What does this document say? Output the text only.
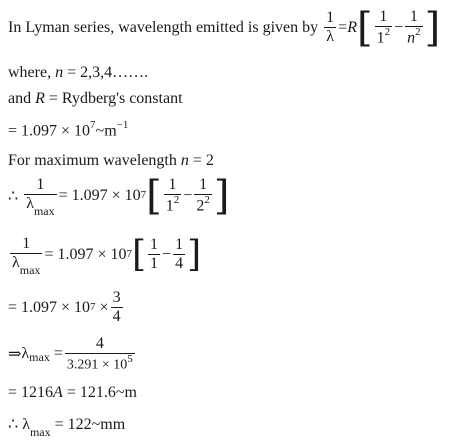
In Lyman series, wavelength emitted is given by $\frac{1}{\lambda} = R$ [ $\frac{1}{1^2} - \frac{1}{n^2}$ ]
where, n = 2,3,4…….
and R = Rydberg's constant
= $1.097 \times 10^7\sim m^{-1}$
For maximum wavelength n = 2
∴ $\frac{1}{\lambda_{max}} = 1.097 \times 10$ 7 [ $\frac{1}{1^2} - \frac{1}{2^2}$ ]
$\frac{1}{\lambda_{max}} = 1.097 \times 10$ 7 [ $\frac{1}{1} - \frac{1}{4}$ ]
= 1.097 × 10 $7 \times \frac{3}{4}$
⇒ λ $\max = \frac{4}{3.291 \times 10^5}$
= 1216A = 121.6~m
∴ $\lambda_{max}$ = 122~mm
